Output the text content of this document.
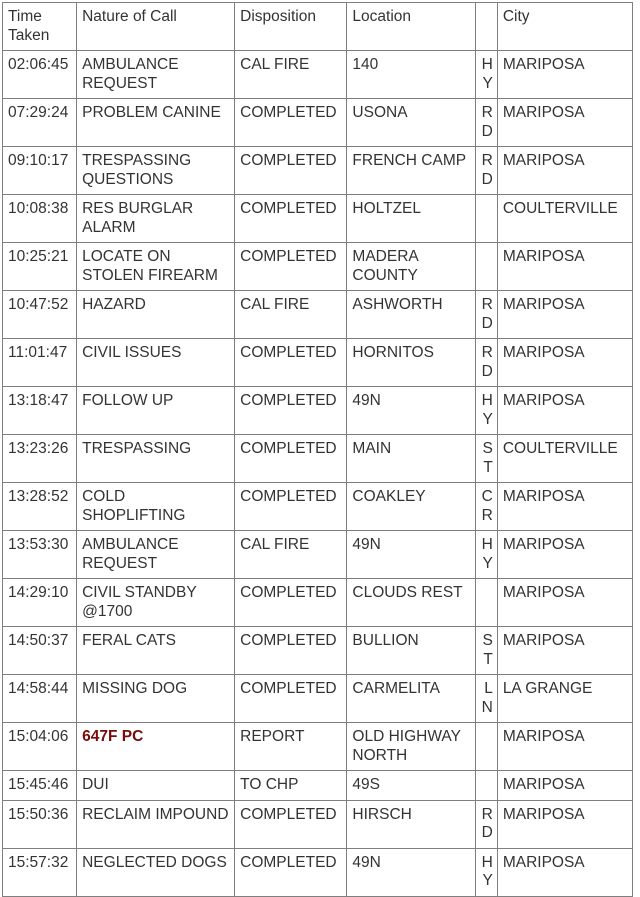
Time Taken	Nature of Call	Disposition	Location		City
02:06:45	AMBULANCE REQUEST	CAL FIRE	140	HY	MARIPOSA
07:29:24	PROBLEM CANINE	COMPLETED	USONA	RD	MARIPOSA
09:10:17	TRESPASSING QUESTIONS	COMPLETED	FRENCH CAMP	RD	MARIPOSA
10:08:38	RES BURGLAR ALARM	COMPLETED	HOLTZEL		COULTERVILLE
10:25:21	LOCATE ON STOLEN FIREARM	COMPLETED	MADERA COUNTY		MARIPOSA
10:47:52	HAZARD	CAL FIRE	ASHWORTH	RD	MARIPOSA
11:01:47	CIVIL ISSUES	COMPLETED	HORNITOS	RD	MARIPOSA
13:18:47	FOLLOW UP	COMPLETED	49N	HY	MARIPOSA
13:23:26	TRESPASSING	COMPLETED	MAIN	ST	COULTERVILLE
13:28:52	COLD SHOPLIFTING	COMPLETED	COAKLEY	CR	MARIPOSA
13:53:30	AMBULANCE REQUEST	CAL FIRE	49N	HY	MARIPOSA
14:29:10	CIVIL STANDBY @1700	COMPLETED	CLOUDS REST		MARIPOSA
14:50:37	FERAL CATS	COMPLETED	BULLION	ST	MARIPOSA
14:58:44	MISSING DOG	COMPLETED	CARMELITA	LN	LA GRANGE
15:04:06	647F PC	REPORT	OLD HIGHWAY NORTH		MARIPOSA
15:45:46	DUI	TO CHP	49S		MARIPOSA
15:50:36	RECLAIM IMPOUND	COMPLETED	HIRSCH	RD	MARIPOSA
15:57:32	NEGLECTED DOGS	COMPLETED	49N	HY	MARIPOSA
